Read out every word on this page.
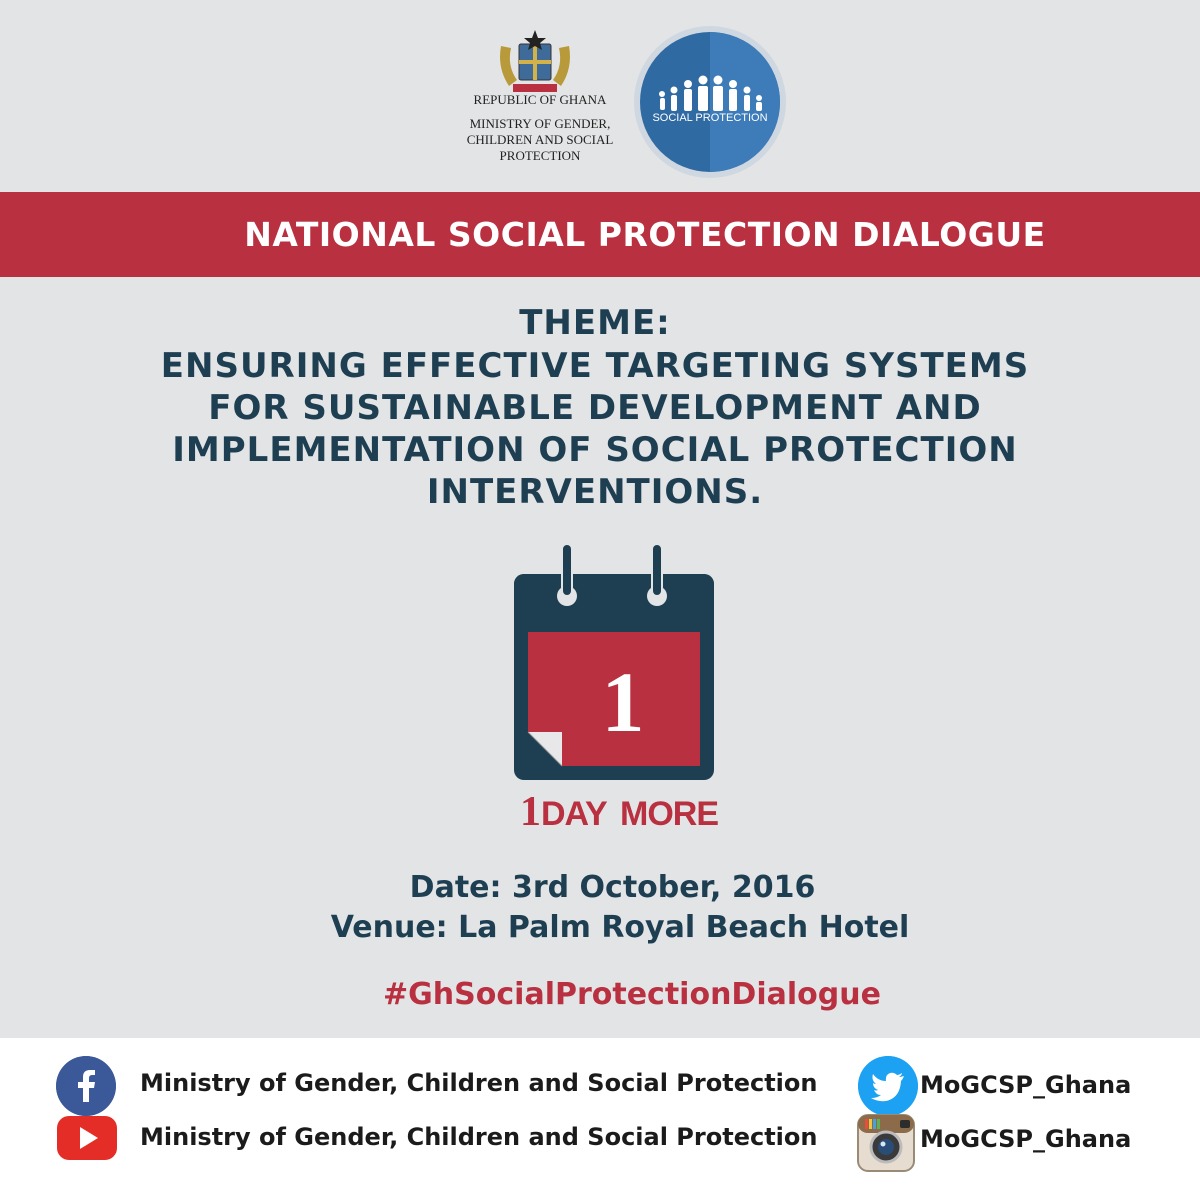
REPUBLIC OF GHANA
MINISTRY OF GENDER,
CHILDREN AND SOCIAL
PROTECTION
SOCIAL PROTECTION
NATIONAL SOCIAL PROTECTION DIALOGUE
THEME:
ENSURING EFFECTIVE TARGETING SYSTEMS
FOR SUSTAINABLE DEVELOPMENT AND
IMPLEMENTATION OF SOCIAL PROTECTION
INTERVENTIONS.
1
1DAY MORE
Date: 3rd October, 2016
Venue: La Palm Royal Beach Hotel
#GhSocialProtectionDialogue
Ministry of Gender, Children and Social Protection
Ministry of Gender, Children and Social Protection
MoGCSP_Ghana
MoGCSP_Ghana
